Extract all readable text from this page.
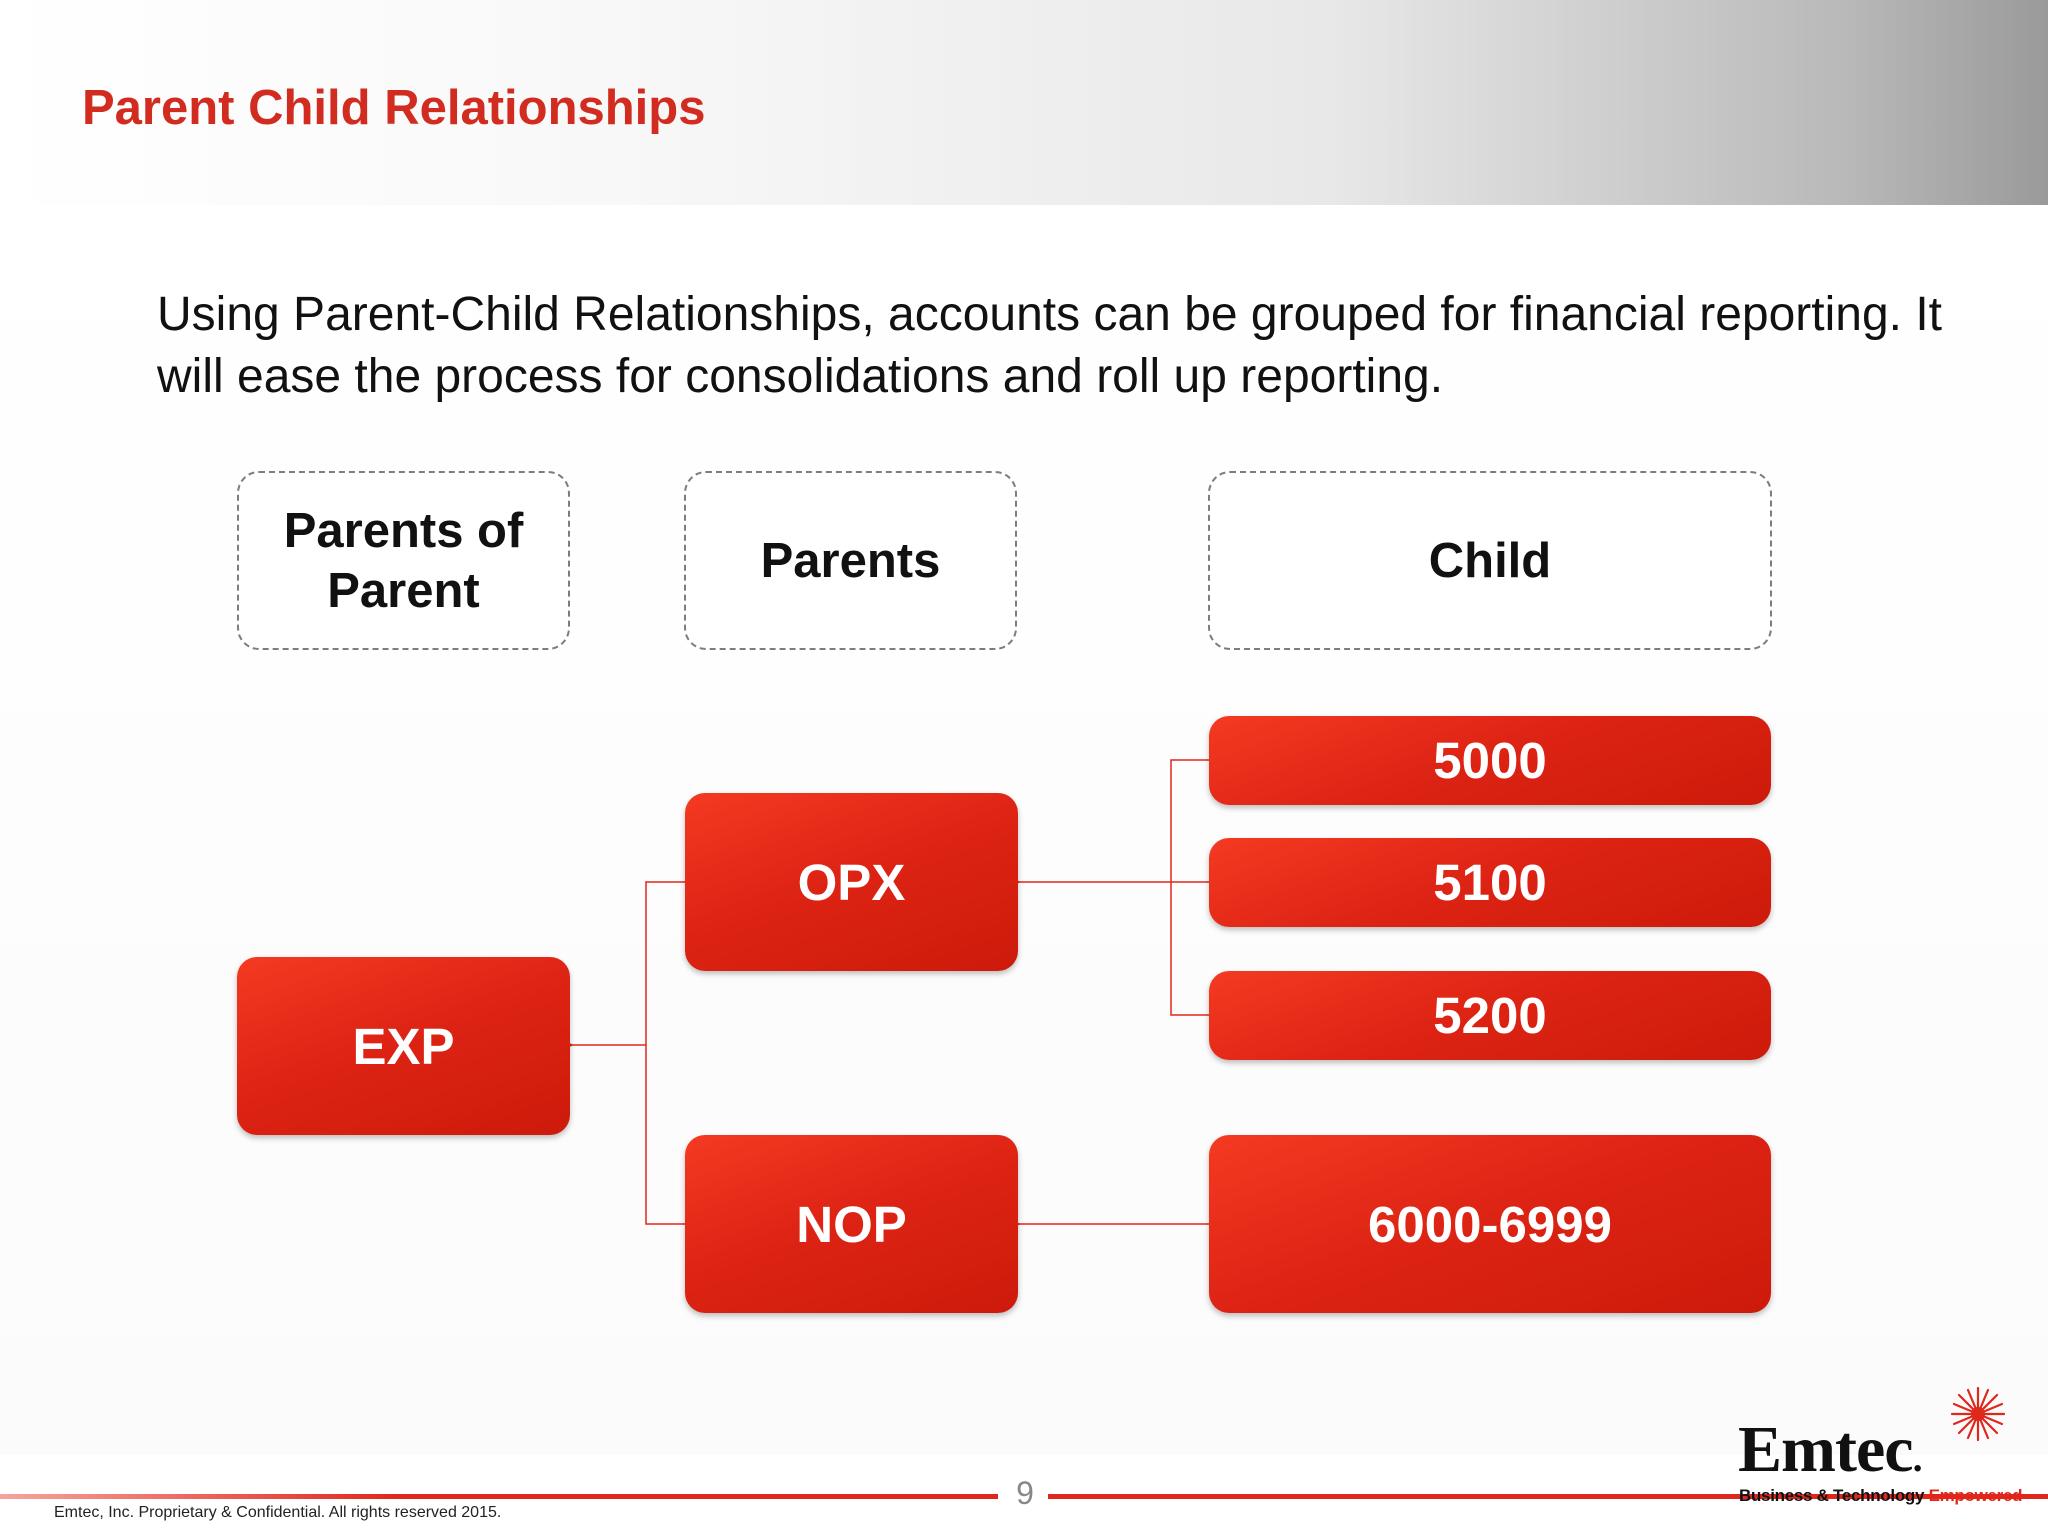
Parent Child Relationships
Using Parent-Child Relationships, accounts can be grouped for financial reporting. It will ease the process for consolidations and roll up reporting.
Parents of Parent
Parents	Child
EXP
OPX
NOP
5000
5100
5200
6000-6999
9
Emtec, Inc. Proprietary & Confidential. All rights reserved 2015.
Emtec.
Business & Technology Empowered
